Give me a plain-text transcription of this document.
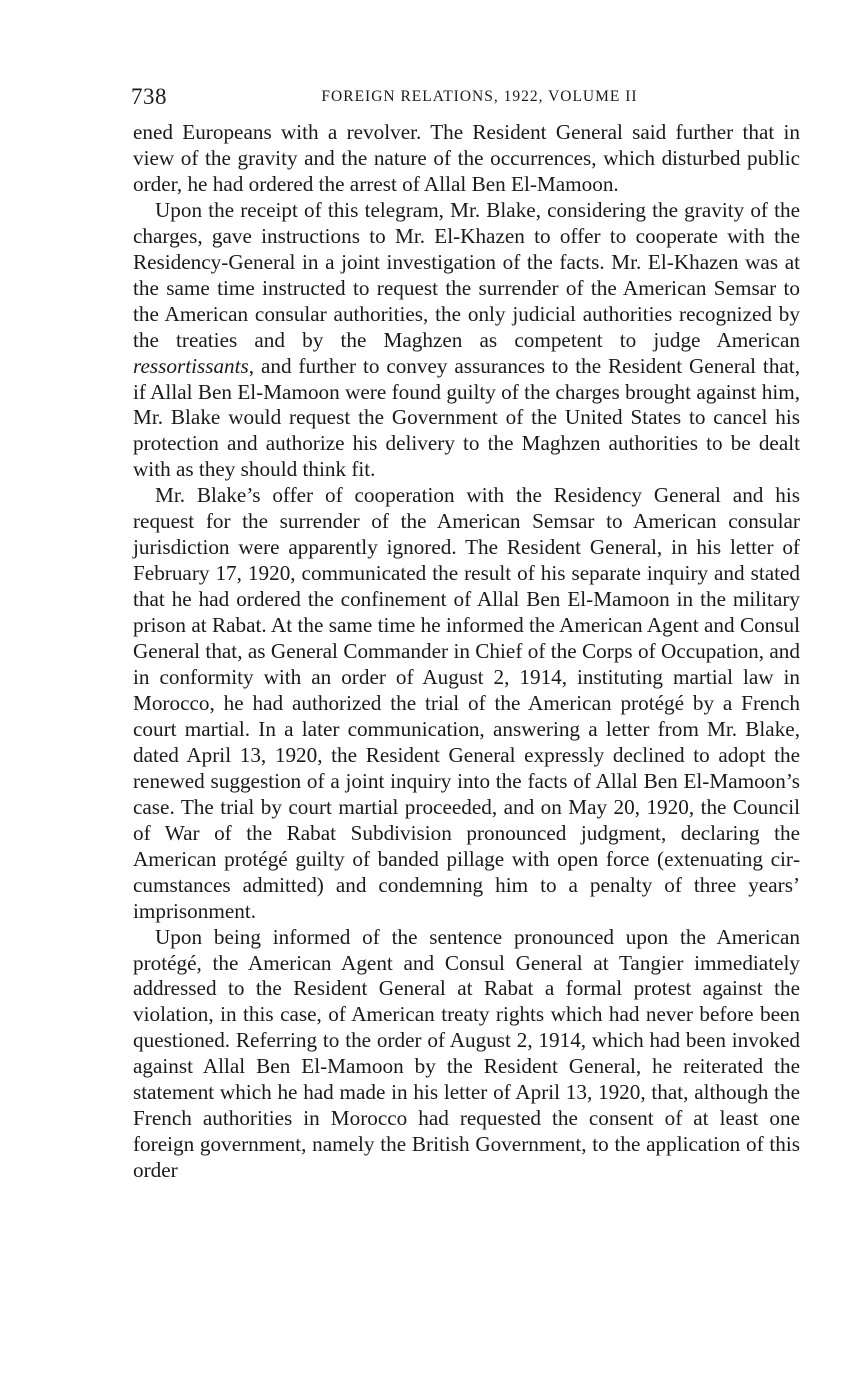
738	FOREIGN RELATIONS, 1922, VOLUME II

ened Europeans with a revolver. The Resident General said further that in view of the gravity and the nature of the occurrences, which disturbed public order, he had ordered the arrest of Allal Ben El-Mamoon.

Upon the receipt of this telegram, Mr. Blake, considering the gravity of the charges, gave instructions to Mr. El-Khazen to offer to cooperate with the Residency-General in a joint investigation of the facts. Mr. El-Khazen was at the same time instructed to request the surrender of the American Semsar to the American consular authorities, the only judicial authorities recognized by the treaties and by the Maghzen as competent to judge American ressortissants, and further to convey assurances to the Resident General that, if Allal Ben El-Mamoon were found guilty of the charges brought against him, Mr. Blake would request the Government of the United States to cancel his protection and authorize his delivery to the Maghzen authorities to be dealt with as they should think fit.

Mr. Blake’s offer of cooperation with the Residency General and his request for the surrender of the American Semsar to American consular jurisdiction were apparently ignored. The Resident General, in his letter of February 17, 1920, communicated the result of his separate inquiry and stated that he had ordered the confinement of Allal Ben El-Mamoon in the military prison at Rabat. At the same time he informed the American Agent and Consul General that, as General Commander in Chief of the Corps of Occupation, and in conformity with an order of August 2, 1914, instituting martial law in Morocco, he had authorized the trial of the American protégé by a French court martial. In a later communication, answering a letter from Mr. Blake, dated April 13, 1920, the Resident General expressly declined to adopt the renewed suggestion of a joint inquiry into the facts of Allal Ben El-Mamoon’s case. The trial by court martial proceeded, and on May 20, 1920, the Council of War of the Rabat Subdivision pronounced judgment, declaring the American protégé guilty of banded pillage with open force (extenuating circumstances admitted) and condemning him to a penalty of three years’ imprisonment.

Upon being informed of the sentence pronounced upon the American protégé, the American Agent and Consul General at Tangier immediately addressed to the Resident General at Rabat a formal protest against the violation, in this case, of American treaty rights which had never before been questioned. Referring to the order of August 2, 1914, which had been invoked against Allal Ben El-Mamoon by the Resident General, he reiterated the statement which he had made in his letter of April 13, 1920, that, although the French authorities in Morocco had requested the consent of at least one foreign government, namely the British Government, to the application of this order
